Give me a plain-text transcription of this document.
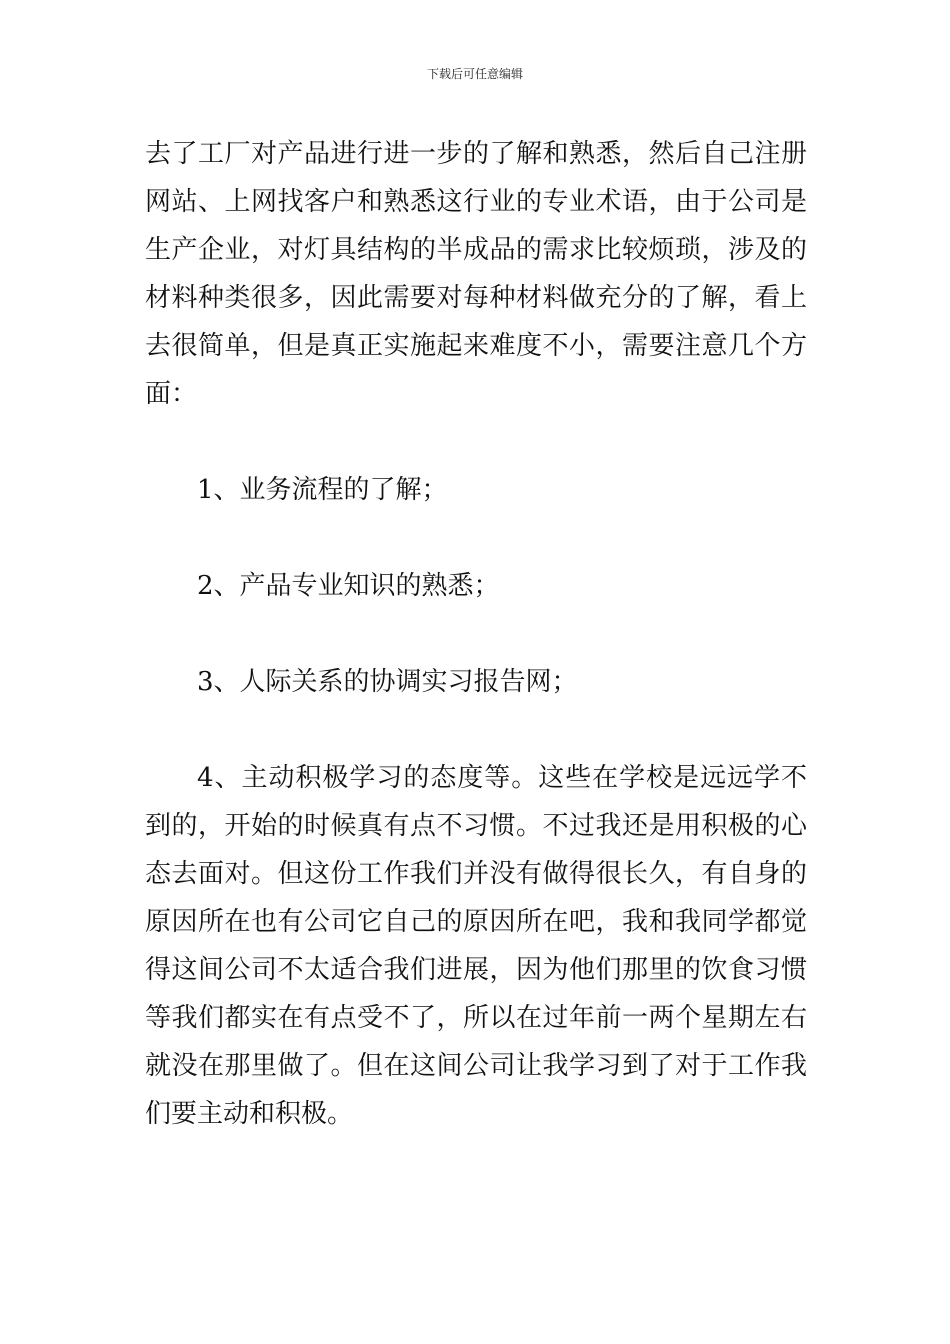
下载后可任意编辑

去了工厂对产品进行进一步的了解和熟悉，然后自己注册网站、上网找客户和熟悉这行业的专业术语，由于公司是生产企业，对灯具结构的半成品的需求比较烦琐，涉及的材料种类很多，因此需要对每种材料做充分的了解，看上去很简单，但是真正实施起来难度不小，需要注意几个方面：

1、业务流程的了解；

2、产品专业知识的熟悉；

3、人际关系的协调实习报告网；

4、主动积极学习的态度等。这些在学校是远远学不到的，开始的时候真有点不习惯。不过我还是用积极的心态去面对。但这份工作我们并没有做得很长久，有自身的原因所在也有公司它自己的原因所在吧，我和我同学都觉得这间公司不太适合我们进展，因为他们那里的饮食习惯等我们都实在有点受不了，所以在过年前一两个星期左右就没在那里做了。但在这间公司让我学习到了对于工作我们要主动和积极。
